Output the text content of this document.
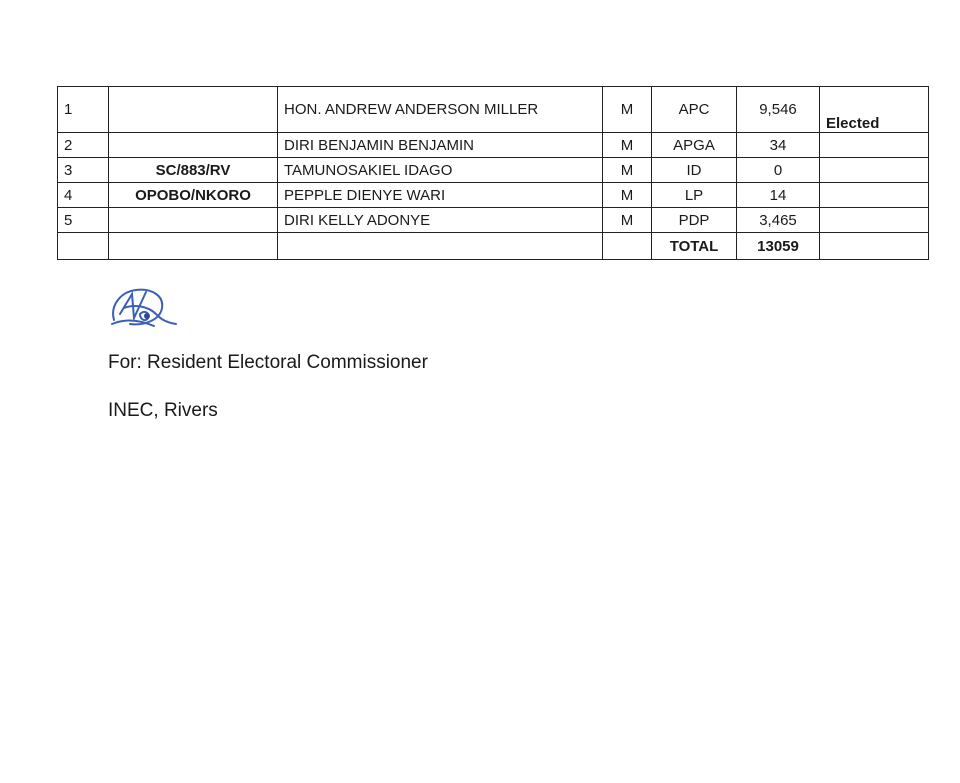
1		HON. ANDREW ANDERSON MILLER	M	APC	9,546	Elected
2		DIRI BENJAMIN BENJAMIN	M	APGA	34	
3	SC/883/RV	TAMUNOSAKIEL IDAGO	M	ID	0	
4	OPOBO/NKORO	PEPPLE DIENYE WARI	M	LP	14	
5		DIRI KELLY ADONYE	M	PDP	3,465	
				TOTAL	13059	
For: Resident Electoral Commissioner
INEC, Rivers
